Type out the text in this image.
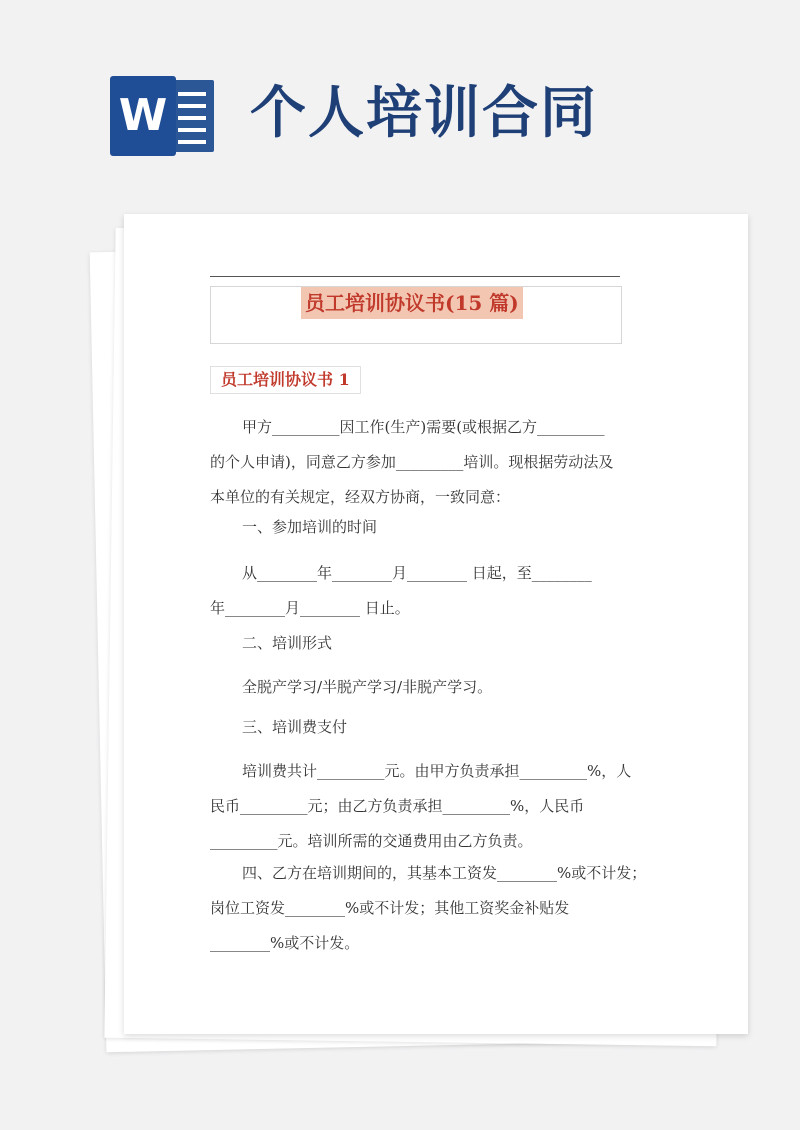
W 个人培训合同
员工培训协议书(15 篇)
员工培训协议书 1
甲方_________因工作(生产)需要(或根据乙方_________
的个人申请)，同意乙方参加_________培训。现根据劳动法及
本单位的有关规定，经双方协商，一致同意：
一、参加培训的时间
从________年________月________ 日起，至________
年________月________ 日止。
二、培训形式
全脱产学习/半脱产学习/非脱产学习。
三、培训费支付
培训费共计_________元。由甲方负责承担_________%，人
民币_________元；由乙方负责承担_________%，人民币
_________元。培训所需的交通费用由乙方负责。
四、乙方在培训期间的，其基本工资发________%或不计发；
岗位工资发________%或不计发；其他工资奖金补贴发
________%或不计发。
